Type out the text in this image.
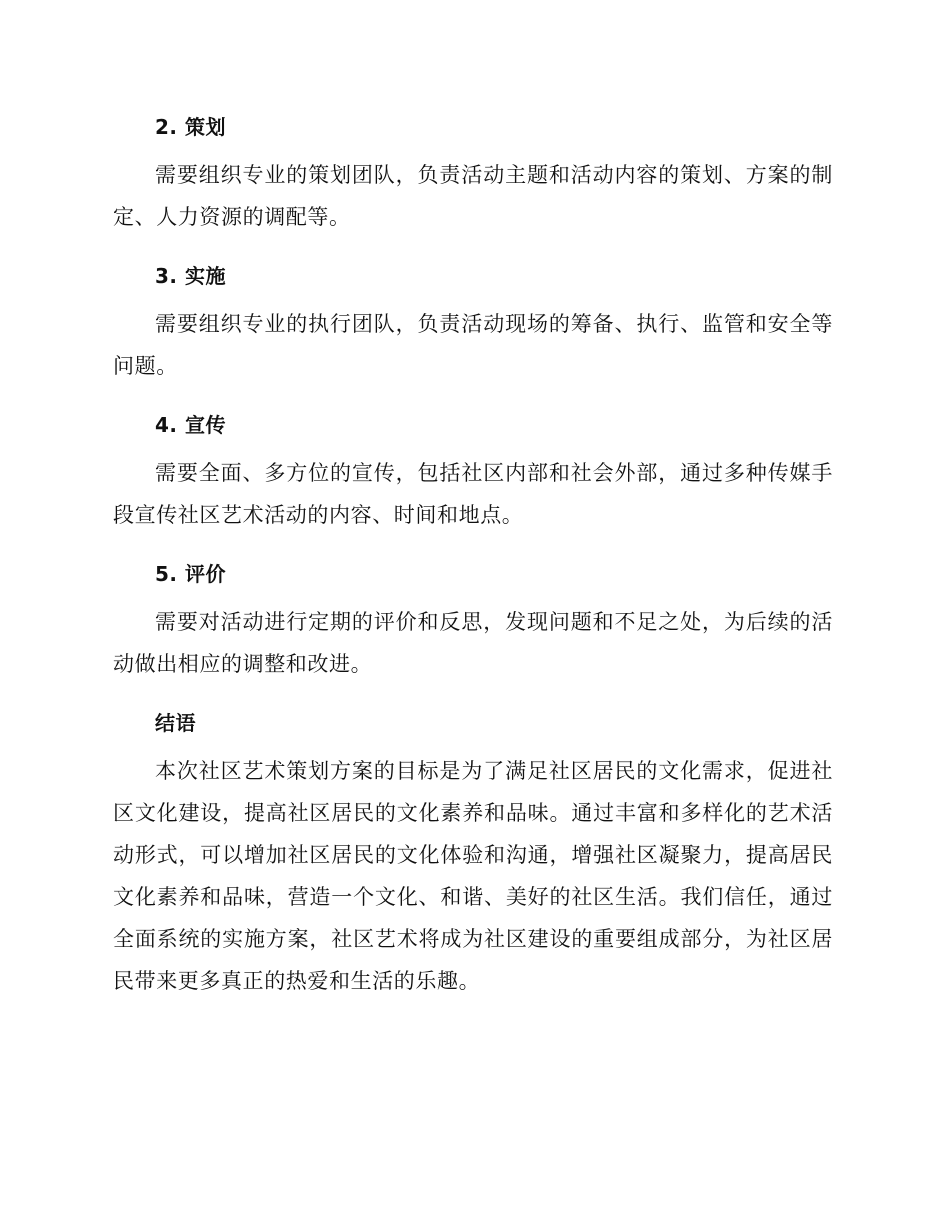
2. 策划

需要组织专业的策划团队，负责活动主题和活动内容的策划、方案的制定、人力资源的调配等。

3. 实施

需要组织专业的执行团队，负责活动现场的筹备、执行、监管和安全等问题。

4. 宣传

需要全面、多方位的宣传，包括社区内部和社会外部，通过多种传媒手段宣传社区艺术活动的内容、时间和地点。

5. 评价

需要对活动进行定期的评价和反思，发现问题和不足之处，为后续的活动做出相应的调整和改进。

结语

本次社区艺术策划方案的目标是为了满足社区居民的文化需求，促进社区文化建设，提高社区居民的文化素养和品味。通过丰富和多样化的艺术活动形式，可以增加社区居民的文化体验和沟通，增强社区凝聚力，提高居民文化素养和品味，营造一个文化、和谐、美好的社区生活。我们信任，通过全面系统的实施方案，社区艺术将成为社区建设的重要组成部分，为社区居民带来更多真正的热爱和生活的乐趣。
